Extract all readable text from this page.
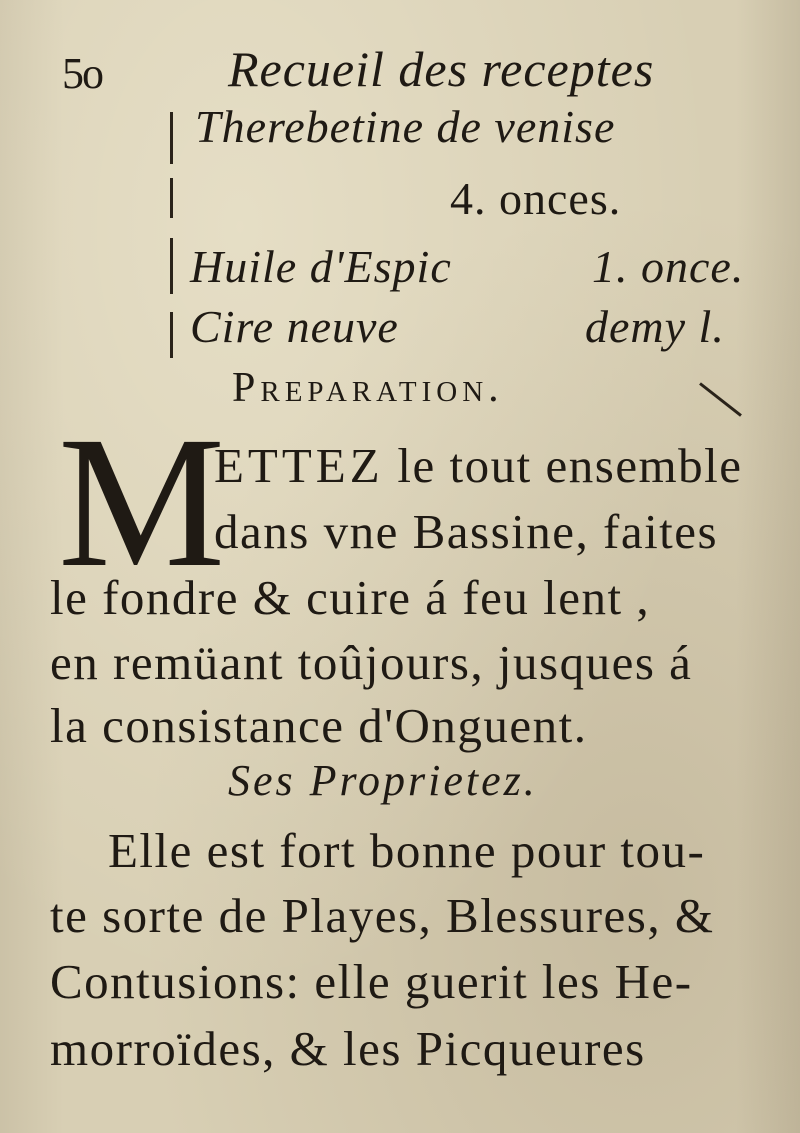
5o	Recueil des receptes
Therebetine de venise
4. onces.
Huile d'Espic	1. once.
Cire neuve	demy l.
Preparation.
M
ETTEZ le tout ensemble
dans vne Bassine, faites
le fondre & cuire á feu lent ,
en remüant toûjours, jusques á
la consistance d'Onguent.
Ses Proprietez.
Elle est fort bonne pour tou-
te sorte de Playes, Blessures, &
Contusions: elle guerit les He-
morroïdes, & les Picqueures
